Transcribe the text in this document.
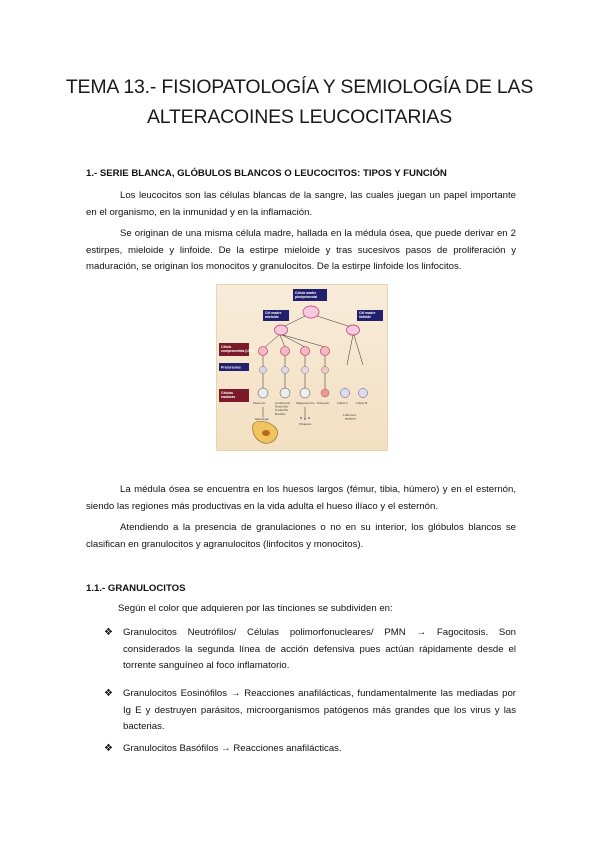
TEMA 13.- FISIOPATOLOGÍA Y SEMIOLOGÍA DE LAS
ALTERACOINES LEUCOCITARIAS
1.- SERIE BLANCA, GLÓBULOS BLANCOS O LEUCOCITOS: TIPOS Y FUNCIÓN

Los leucocitos son las células blancas de la sangre, las cuales juegan un papel importante en el organismo, en la inmunidad y en la inflamación.

Se originan de una misma célula madre, hallada en la médula ósea, que puede derivar en 2 estirpes, mieloide y linfoide. De la estirpe mieloide y tras sucesivos pasos de proliferación y maduración, se originan los monocitos y granulocitos. De la estirpe linfoide los linfocitos.

Célula madre pluripotencial
Cél madre mieloide
Cél madre linfoide
Célula comprometida (UFC)
Precursores
Células maduras
Monocito	Granulocito Neutrófilo Eosinófilo Basófilo
Megacariocito Eritrocito Célula T Célula B
Linfocitos maduros
Macrófago
Plaquetas

La médula ósea se encuentra en los huesos largos (fémur, tibia, húmero) y en el esternón, siendo las regiones más productivas en la vida adulta el hueso ilíaco y el esternón.

Atendiendo a la presencia de granulaciones o no en su interior, los glóbulos blancos se clasifican en granulocitos y agranulocitos (linfocitos y monocitos).

1.1.- GRANULOCITOS

Según el color que adquieren por las tinciones se subdividen en:

❖ Granulocitos Neutrófilos/ Células polimorfonucleares/ PMN → Fagocitosis. Son considerados la segunda línea de acción defensiva pues actúan rápidamente desde el torrente sanguíneo al foco inflamatorio.
❖ Granulocitos Eosinófilos → Reacciones anafilácticas, fundamentalmente las mediadas por Ig E y destruyen parásitos, microorganismos patógenos más grandes que los virus y las bacterias.
❖ Granulocitos Basófilos → Reacciones anafilácticas.
